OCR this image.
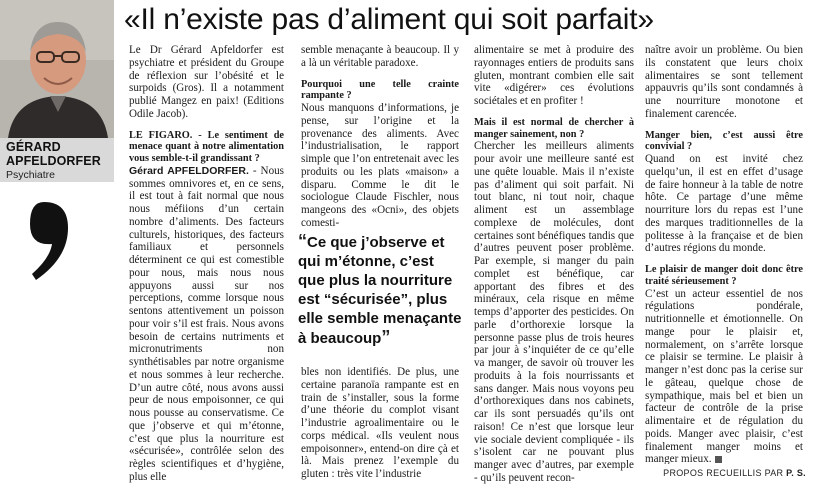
GÉRARD APFELDORFER
Psychiatre
«Il n’existe pas d’aliment qui soit parfait»

Le Dr Gérard Apfeldorfer est psychiatre et président du Groupe de réflexion sur l’obésité et le surpoids (Gros). Il a notamment publié Mangez en paix! (Editions Odile Jacob).

LE FIGARO. - Le sentiment de menace quant à notre alimentation vous semble-t-il grandissant ?

Gérard APFELDORFER. - Nous sommes omnivores et, en ce sens, il est tout à fait normal que nous nous méfiions d’un certain nombre d’aliments. Des facteurs culturels, historiques, des facteurs familiaux et personnels déterminent ce qui est comestible pour nous, mais nous nous appuyons aussi sur nos perceptions, comme lorsque nous sentons attentivement un poisson pour voir s’il est frais. Nous avons besoin de certains nutriments et micronutriments non synthétisables par notre organisme et nous sommes à leur recherche. D’un autre côté, nous avons aussi peur de nous empoisonner, ce qui nous pousse au conservatisme. Ce que j’observe et qui m’étonne, c’est que plus la nourriture est «sécurisée», contrôlée selon des règles scientifiques et d’hygiène, plus elle

semble menaçante à beaucoup. Il y a là un véritable paradoxe.

Pourquoi une telle crainte rampante ?

Nous manquons d’informations, je pense, sur l’origine et la provenance des aliments. Avec l’industrialisation, le rapport simple que l’on entretenait avec les produits ou les plats «maison» a disparu. Comme le dit le sociologue Claude Fischler, nous mangeons des «Ocni», des objets comesti-

bles non identifiés. De plus, une certaine paranoïa rampante est en train de s’installer, sous la forme d’une théorie du complot visant l’industrie agroalimentaire ou le corps médical. «Ils veulent nous empoisonner», entend-on dire çà et là. Mais prenez l’exemple du gluten : très vite l’industrie

“Ce que j’observe et qui m’étonne, c’est que plus la nourriture est “sécurisée”, plus elle semble menaçante à beaucoup”

alimentaire se met à produire des rayonnages entiers de produits sans gluten, montrant combien elle sait vite «digérer» ces évolutions sociétales et en profiter !

Mais il est normal de chercher à manger sainement, non ?

Chercher les meilleurs aliments pour avoir une meilleure santé est une quête louable. Mais il n’existe pas d’aliment qui soit parfait. Ni tout blanc, ni tout noir, chaque aliment est un assemblage complexe de molécules, dont certaines sont bénéfiques tandis que d’autres peuvent poser problème. Par exemple, si manger du pain complet est bénéfique, car apportant des fibres et des minéraux, cela risque en même temps d’apporter des pesticides. On parle d’orthorexie lorsque la personne passe plus de trois heures par jour à s’inquiéter de ce qu’elle va manger, de savoir où trouver les produits à la fois nourrissants et sans danger. Mais nous voyons peu d’orthorexiques dans nos cabinets, car ils sont persuadés qu’ils ont raison! Ce n’est que lorsque leur vie sociale devient compliquée - ils s’isolent car ne pouvant plus manger avec d’autres, par exemple - qu’ils peuvent recon-

naître avoir un problème. Ou bien ils constatent que leurs choix alimentaires se sont tellement appauvris qu’ils sont condamnés à une nourriture monotone et finalement carencée.

Manger bien, c’est aussi être convivial ?

Quand on est invité chez quelqu’un, il est en effet d’usage de faire honneur à la table de notre hôte. Ce partage d’une même nourriture lors du repas est l’une des marques traditionnelles de la politesse à la française et de bien d’autres régions du monde.

Le plaisir de manger doit donc être traité sérieusement ?

C’est un acteur essentiel de nos régulations pondérale, nutritionnelle et émotionnelle. On mange pour le plaisir et, normalement, on s’arrête lorsque ce plaisir se termine. Le plaisir à manger n’est donc pas la cerise sur le gâteau, quelque chose de sympathique, mais bel et bien un facteur de contrôle de la prise alimentaire et de régulation du poids. Manger avec plaisir, c’est finalement manger moins et manger mieux.

PROPOS RECUEILLIS PAR P. S.
